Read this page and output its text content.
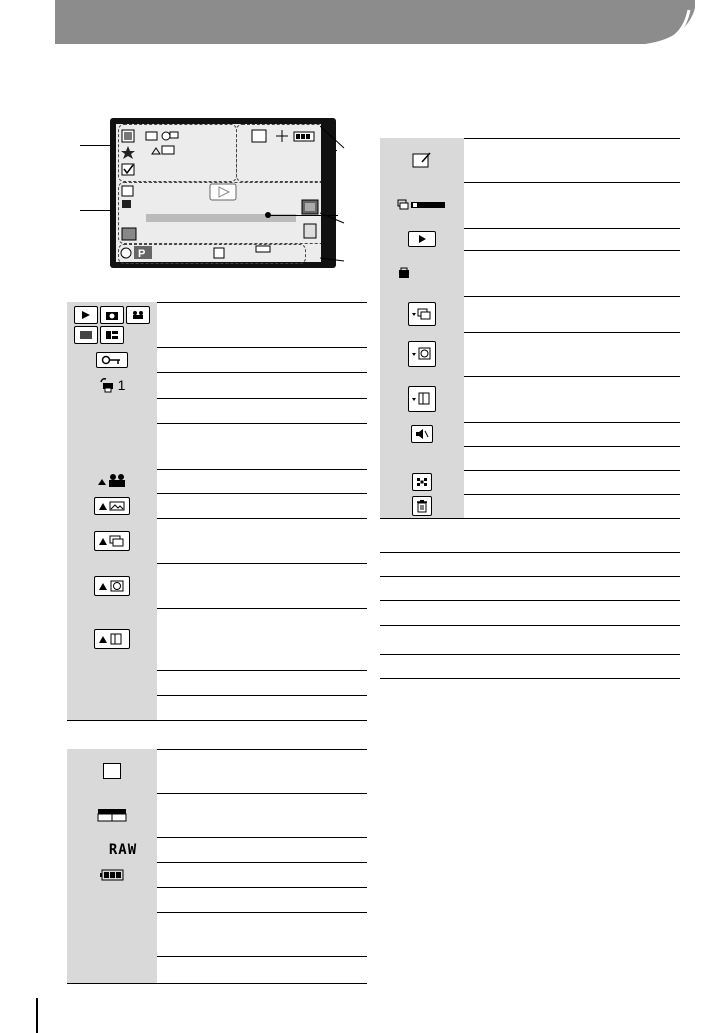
P
1
RAW
